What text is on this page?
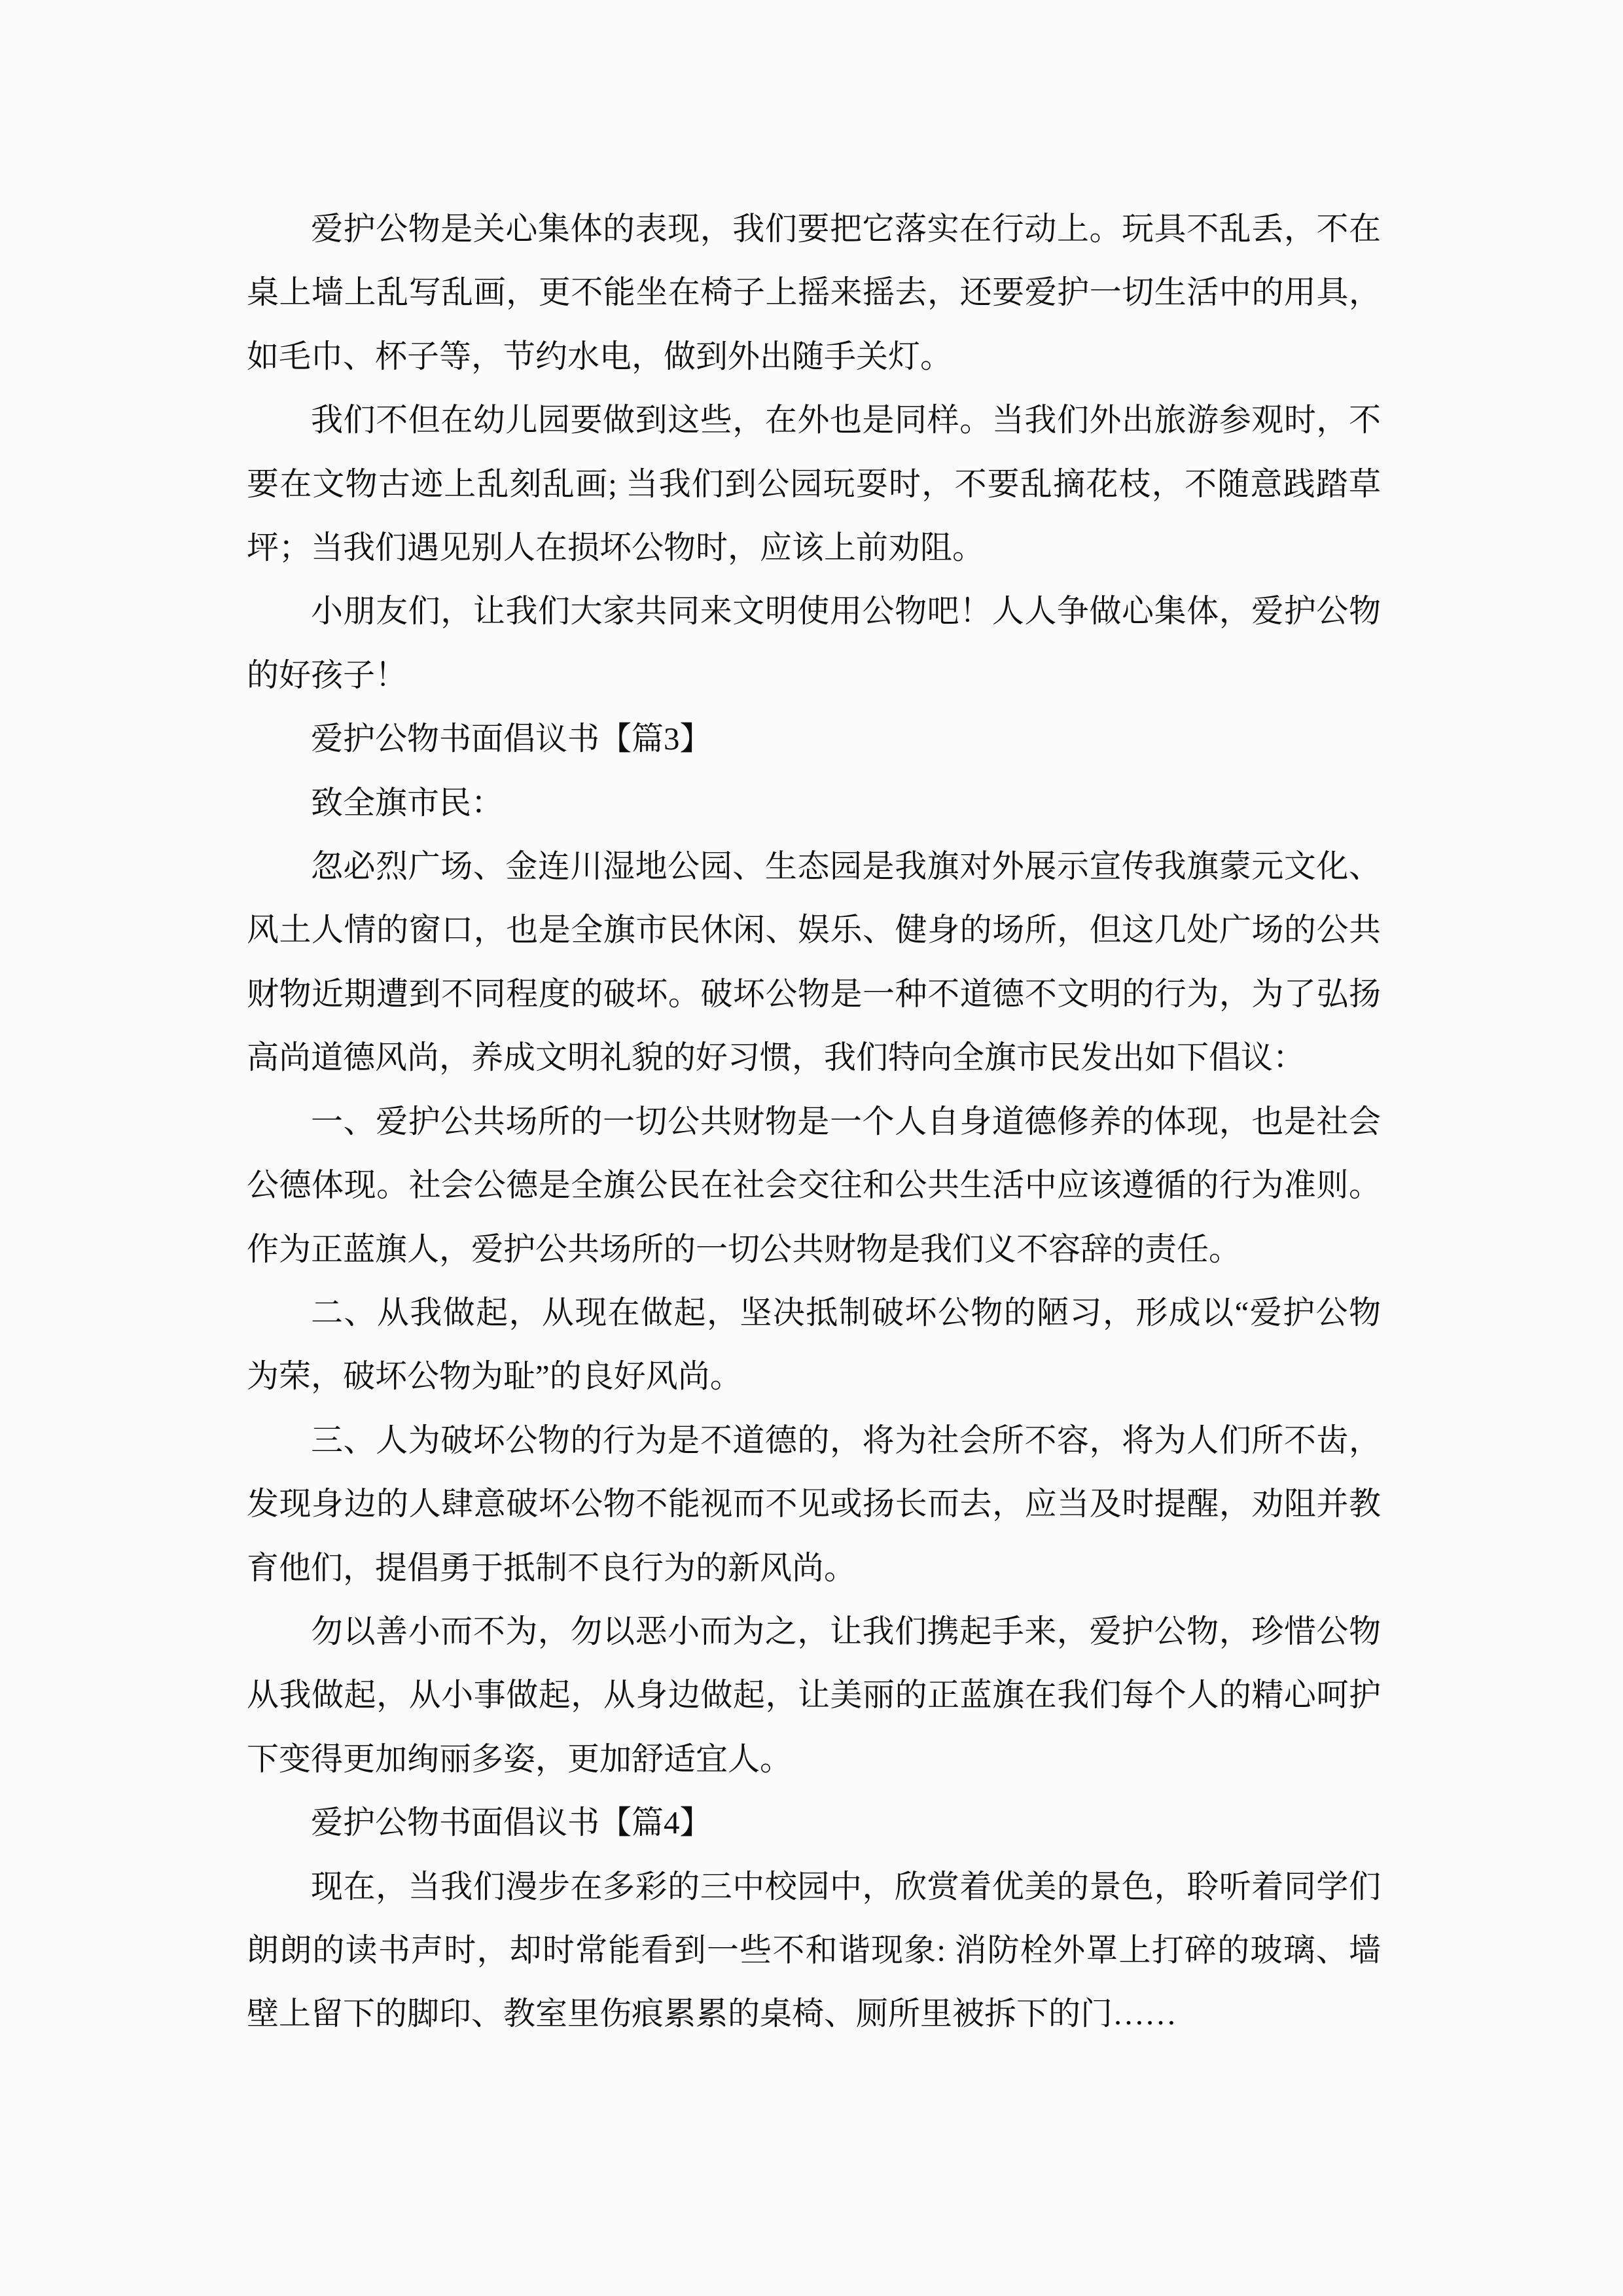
爱护公物是关心集体的表现，我们要把它落实在行动上。玩具不乱丢，不在
桌上墙上乱写乱画，更不能坐在椅子上摇来摇去，还要爱护一切生活中的用具，
如毛巾、杯子等，节约水电，做到外出随手关灯。
我们不但在幼儿园要做到这些，在外也是同样。当我们外出旅游参观时，不
要在文物古迹上乱刻乱画; 当我们到公园玩耍时，不要乱摘花枝，不随意践踏草
坪；当我们遇见别人在损坏公物时，应该上前劝阻。
小朋友们，让我们大家共同来文明使用公物吧！人人争做心集体，爱护公物
的好孩子！
爱护公物书面倡议书【篇3】
致全旗市民：
忽必烈广场、金连川湿地公园、生态园是我旗对外展示宣传我旗蒙元文化、
风土人情的窗口，也是全旗市民休闲、娱乐、健身的场所，但这几处广场的公共
财物近期遭到不同程度的破坏。破坏公物是一种不道德不文明的行为，为了弘扬
高尚道德风尚，养成文明礼貌的好习惯，我们特向全旗市民发出如下倡议：
一、爱护公共场所的一切公共财物是一个人自身道德修养的体现，也是社会
公德体现。社会公德是全旗公民在社会交往和公共生活中应该遵循的行为准则。
作为正蓝旗人，爱护公共场所的一切公共财物是我们义不容辞的责任。
二、从我做起，从现在做起，坚决抵制破坏公物的陋习，形成以“爱护公物
为荣，破坏公物为耻”的良好风尚。
三、人为破坏公物的行为是不道德的，将为社会所不容，将为人们所不齿，
发现身边的人肆意破坏公物不能视而不见或扬长而去，应当及时提醒，劝阻并教
育他们，提倡勇于抵制不良行为的新风尚。
勿以善小而不为，勿以恶小而为之，让我们携起手来，爱护公物，珍惜公物
从我做起，从小事做起，从身边做起，让美丽的正蓝旗在我们每个人的精心呵护
下变得更加绚丽多姿，更加舒适宜人。
爱护公物书面倡议书【篇4】
现在，当我们漫步在多彩的三中校园中，欣赏着优美的景色，聆听着同学们
朗朗的读书声时，却时常能看到一些不和谐现象: 消防栓外罩上打碎的玻璃、墙
壁上留下的脚印、教室里伤痕累累的桌椅、厕所里被拆下的门……
